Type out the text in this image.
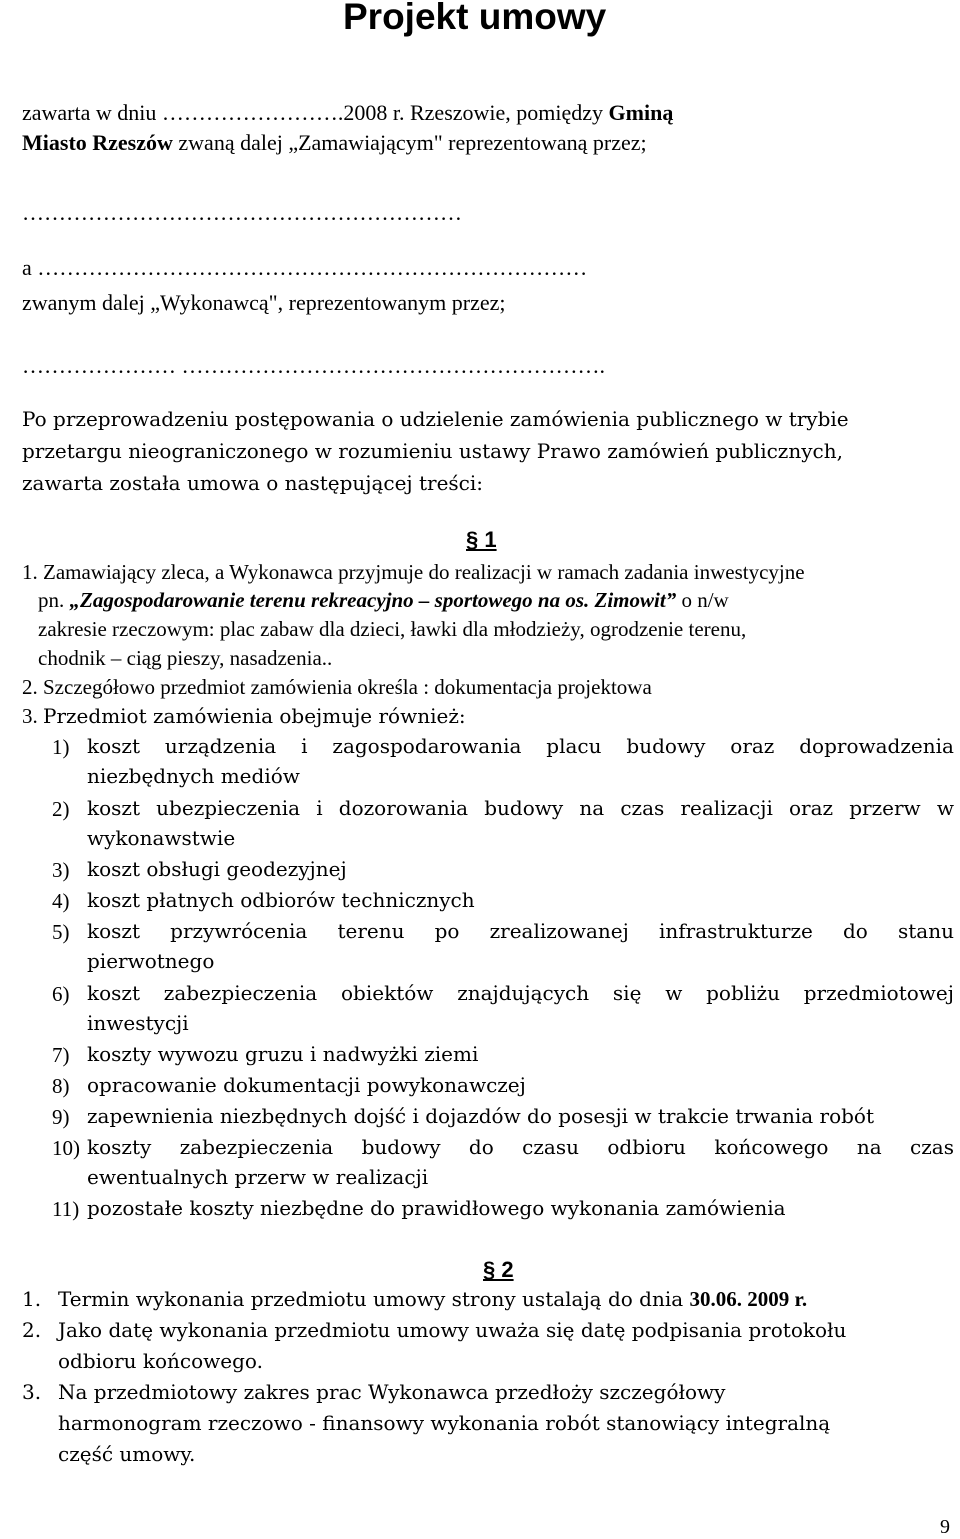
Projekt umowy
zawarta w dniu …………………….2008 r. Rzeszowie, pomiędzy Gminą
Miasto Rzeszów zwaną dalej „Zamawiającym" reprezentowaną przez;
……………………………………………………
a …………………………………………………………………
zwanym dalej „Wykonawcą", reprezentowanym przez;
………………… ………………………………………………….
Po przeprowadzeniu postępowania o udzielenie zamówienia publicznego w trybie
przetargu nieograniczonego w rozumieniu ustawy Prawo zamówień publicznych,
zawarta została umowa o następującej treści:
§ 1
1. Zamawiający zleca, a Wykonawca przyjmuje do realizacji w ramach zadania inwestycyjne
pn. „Zagospodarowanie terenu rekreacyjno – sportowego na os. Zimowit” o n/w
zakresie rzeczowym: plac zabaw dla dzieci, ławki dla młodzieży, ogrodzenie terenu,
chodnik – ciąg pieszy, nasadzenia..
2. Szczegółowo przedmiot zamówienia określa : dokumentacja projektowa
3. Przedmiot zamówienia obejmuje również:
1) koszt urządzenia i zagospodarowania placu budowy oraz doprowadzenia
niezbędnych mediów
2) koszt ubezpieczenia i dozorowania budowy na czas realizacji oraz przerw w
wykonawstwie
3) koszt obsługi geodezyjnej
4) koszt płatnych odbiorów technicznych
5) koszt przywrócenia terenu po zrealizowanej infrastrukturze do stanu
pierwotnego
6) koszt zabezpieczenia obiektów znajdujących się w pobliżu przedmiotowej
inwestycji
7) koszty wywozu gruzu i nadwyżki ziemi
8) opracowanie dokumentacji powykonawczej
9) zapewnienia niezbędnych dojść i dojazdów do posesji w trakcie trwania robót
10) koszty zabezpieczenia budowy do czasu odbioru końcowego na czas
ewentualnych przerw w realizacji
11) pozostałe koszty niezbędne do prawidłowego wykonania zamówienia
§ 2
1. Termin wykonania przedmiotu umowy strony ustalają do dnia 30.06. 2009 r.
2. Jako datę wykonania przedmiotu umowy uważa się datę podpisania protokołu
odbioru końcowego.
3. Na przedmiotowy zakres prac Wykonawca przedłoży szczegółowy
harmonogram rzeczowo - finansowy wykonania robót stanowiący integralną
część umowy.
9
